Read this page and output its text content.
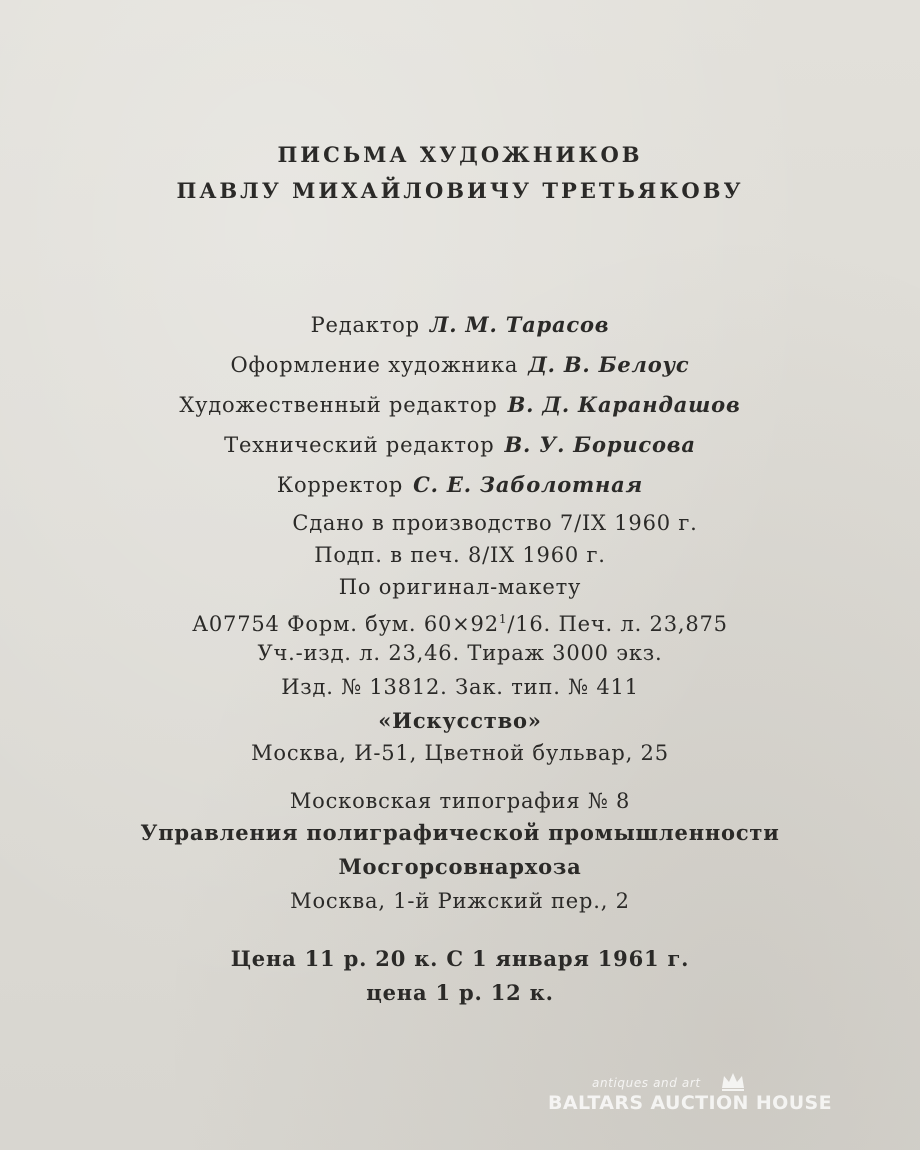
ПИСЬМА ХУДОЖНИКОВ
ПАВЛУ МИХАЙЛОВИЧУ ТРЕТЬЯКОВУ
Редактор Л. М. Тарасов
Оформление художника Д. В. Белоус
Художественный редактор В. Д. Карандашов
Технический редактор В. У. Борисова
Корректор С. Е. Заболотная
Сдано в производство 7/IX 1960 г.
Подп. в печ. 8/IX 1960 г.
По оригинал-макету
А07754 Форм. бум. $60\times 92^1/16$. Печ. л. 23,875
Уч.-изд. л. 23,46. Тираж 3000 экз.
Изд. № 13812. Зак. тип. № 411
«Искусство»
Москва, И-51, Цветной бульвар, 25
Московская типография № 8
Управления полиграфической промышленности
Мосгорсовнархоза
Москва, 1-й Рижский пер., 2
Цена 11 р. 20 к. С 1 января 1961 г.
цена 1 р. 12 к.
antiques and art
BALTARS AUCTION HOUSE
